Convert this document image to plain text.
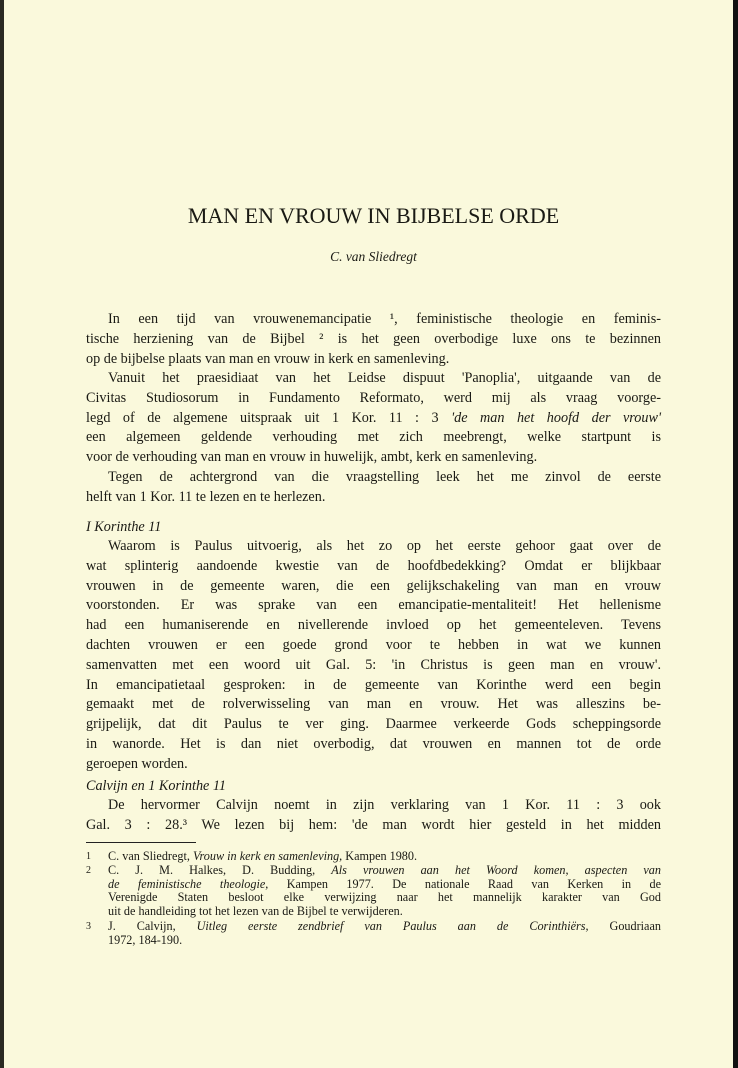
MAN EN VROUW IN BIJBELSE ORDE
C. van Sliedregt
In een tijd van vrouwenemancipatie ¹, feministische theologie en feminis-
tische herziening van de Bijbel ² is het geen overbodige luxe ons te bezinnen
op de bijbelse plaats van man en vrouw in kerk en samenleving.
Vanuit het praesidiaat van het Leidse dispuut 'Panoplia', uitgaande van de
Civitas Studiosorum in Fundamento Reformato, werd mij als vraag voorge-
legd of de algemene uitspraak uit 1 Kor. 11 : 3 'de man het hoofd der vrouw'
een algemeen geldende verhouding met zich meebrengt, welke startpunt is
voor de verhouding van man en vrouw in huwelijk, ambt, kerk en samenleving.
Tegen de achtergrond van die vraagstelling leek het me zinvol de eerste
helft van 1 Kor. 11 te lezen en te herlezen.
I Korinthe 11
Waarom is Paulus uitvoerig, als het zo op het eerste gehoor gaat over de
wat splinterig aandoende kwestie van de hoofdbedekking? Omdat er blijkbaar
vrouwen in de gemeente waren, die een gelijkschakeling van man en vrouw
voorstonden. Er was sprake van een emancipatie-mentaliteit! Het hellenisme
had een humaniserende en nivellerende invloed op het gemeenteleven. Tevens
dachten vrouwen er een goede grond voor te hebben in wat we kunnen
samenvatten met een woord uit Gal. 5: 'in Christus is geen man en vrouw'.
In emancipatietaal gesproken: in de gemeente van Korinthe werd een begin
gemaakt met de rolverwisseling van man en vrouw. Het was alleszins be-
grijpelijk, dat dit Paulus te ver ging. Daarmee verkeerde Gods scheppingsorde
in wanorde. Het is dan niet overbodig, dat vrouwen en mannen tot de orde
geroepen worden.
Calvijn en 1 Korinthe 11
De hervormer Calvijn noemt in zijn verklaring van 1 Kor. 11 : 3 ook
Gal. 3 : 28.³ We lezen bij hem: 'de man wordt hier gesteld in het midden
1 C. van Sliedregt, Vrouw in kerk en samenleving, Kampen 1980.
2 C. J. M. Halkes, D. Budding, Als vrouwen aan het Woord komen, aspecten van
de feministische theologie, Kampen 1977. De nationale Raad van Kerken in de
Verenigde Staten besloot elke verwijzing naar het mannelijk karakter van God
uit de handleiding tot het lezen van de Bijbel te verwijderen.
3 J. Calvijn, Uitleg eerste zendbrief van Paulus aan de Corinthiërs, Goudriaan
1972, 184-190.
